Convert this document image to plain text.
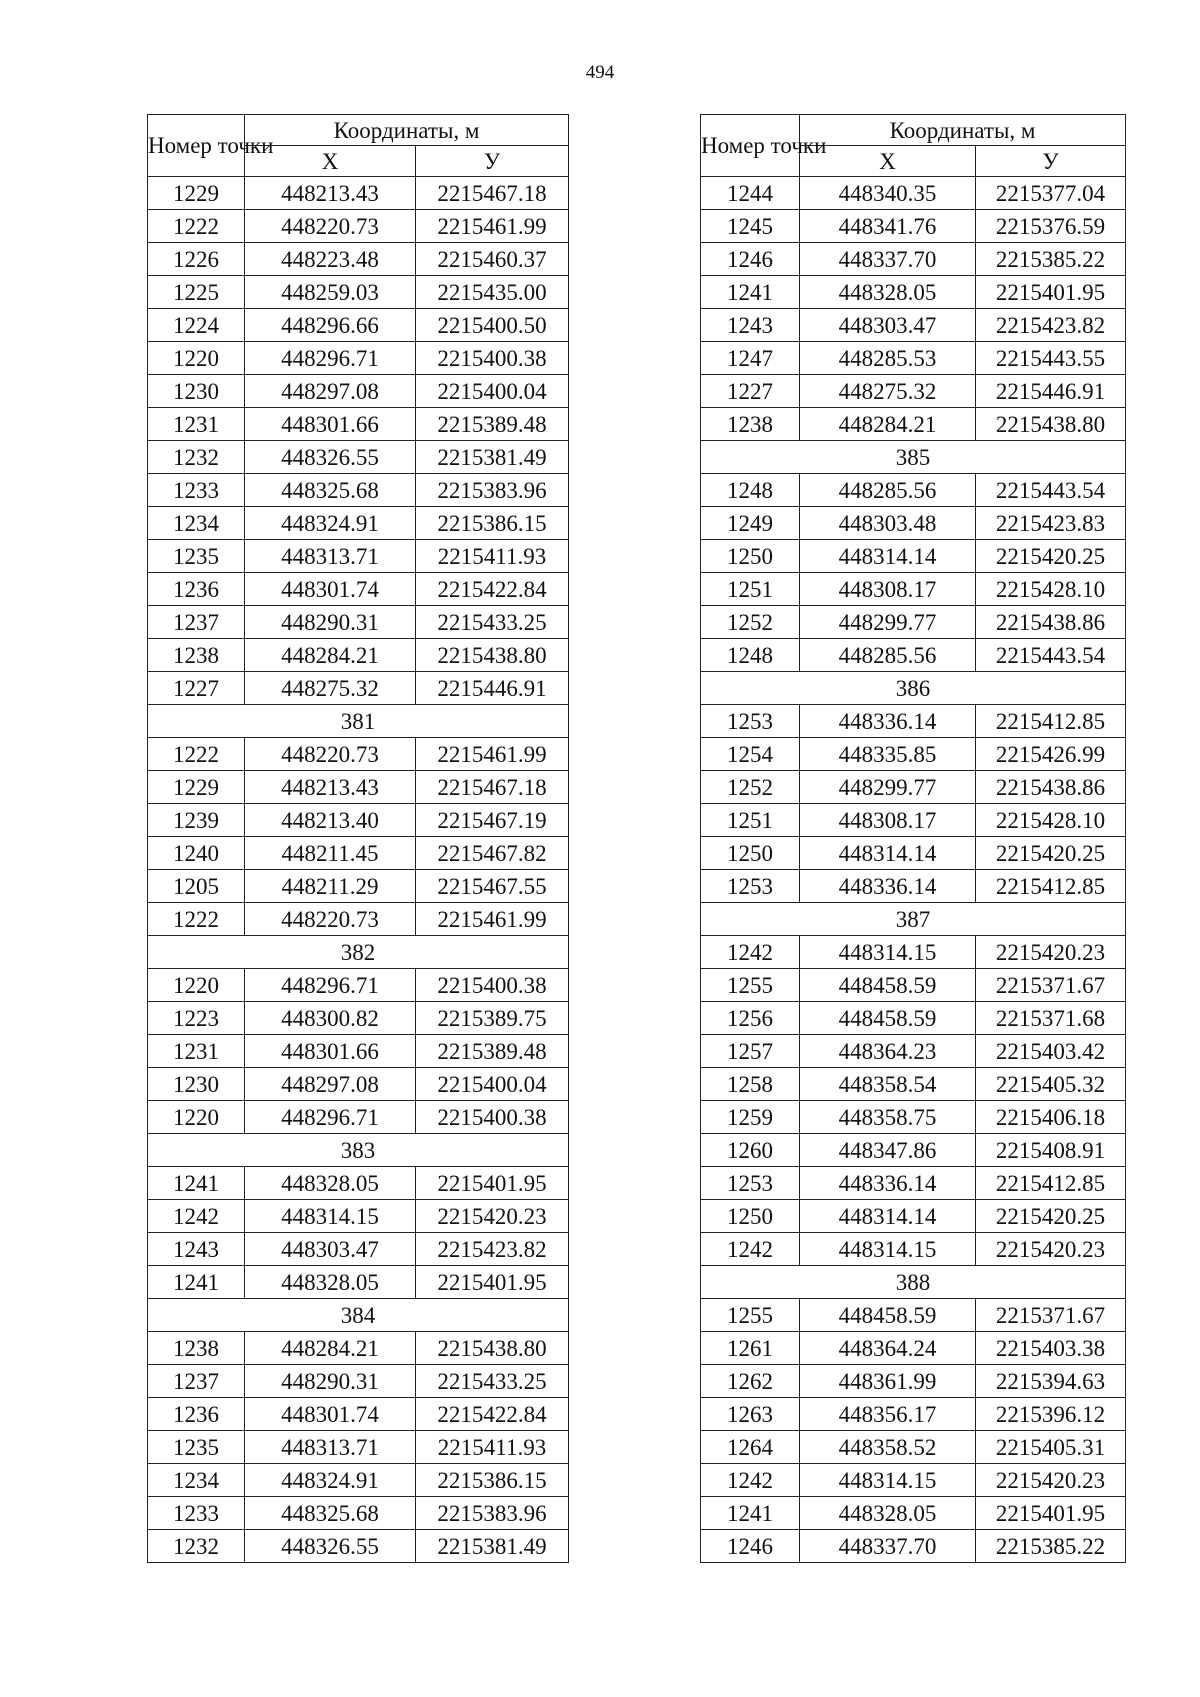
494
Номер точки	Координаты, м	
	X	У
1229	448213.43	2215467.18
1222	448220.73	2215461.99
1226	448223.48	2215460.37
1225	448259.03	2215435.00
1224	448296.66	2215400.50
1220	448296.71	2215400.38
1230	448297.08	2215400.04
1231	448301.66	2215389.48
1232	448326.55	2215381.49
1233	448325.68	2215383.96
1234	448324.91	2215386.15
1235	448313.71	2215411.93
1236	448301.74	2215422.84
1237	448290.31	2215433.25
1238	448284.21	2215438.80
1227	448275.32	2215446.91
381		
1222	448220.73	2215461.99
1229	448213.43	2215467.18
1239	448213.40	2215467.19
1240	448211.45	2215467.82
1205	448211.29	2215467.55
1222	448220.73	2215461.99
382		
1220	448296.71	2215400.38
1223	448300.82	2215389.75
1231	448301.66	2215389.48
1230	448297.08	2215400.04
1220	448296.71	2215400.38
383		
1241	448328.05	2215401.95
1242	448314.15	2215420.23
1243	448303.47	2215423.82
1241	448328.05	2215401.95
384		
1238	448284.21	2215438.80
1237	448290.31	2215433.25
1236	448301.74	2215422.84
1235	448313.71	2215411.93
1234	448324.91	2215386.15
1233	448325.68	2215383.96
1232	448326.55	2215381.49
Номер точки	Координаты, м	
	X	У
1244	448340.35	2215377.04
1245	448341.76	2215376.59
1246	448337.70	2215385.22
1241	448328.05	2215401.95
1243	448303.47	2215423.82
1247	448285.53	2215443.55
1227	448275.32	2215446.91
1238	448284.21	2215438.80
385		
1248	448285.56	2215443.54
1249	448303.48	2215423.83
1250	448314.14	2215420.25
1251	448308.17	2215428.10
1252	448299.77	2215438.86
1248	448285.56	2215443.54
386		
1253	448336.14	2215412.85
1254	448335.85	2215426.99
1252	448299.77	2215438.86
1251	448308.17	2215428.10
1250	448314.14	2215420.25
1253	448336.14	2215412.85
387		
1242	448314.15	2215420.23
1255	448458.59	2215371.67
1256	448458.59	2215371.68
1257	448364.23	2215403.42
1258	448358.54	2215405.32
1259	448358.75	2215406.18
1260	448347.86	2215408.91
1253	448336.14	2215412.85
1250	448314.14	2215420.25
1242	448314.15	2215420.23
388		
1255	448458.59	2215371.67
1261	448364.24	2215403.38
1262	448361.99	2215394.63
1263	448356.17	2215396.12
1264	448358.52	2215405.31
1242	448314.15	2215420.23
1241	448328.05	2215401.95
1246	448337.70	2215385.22
